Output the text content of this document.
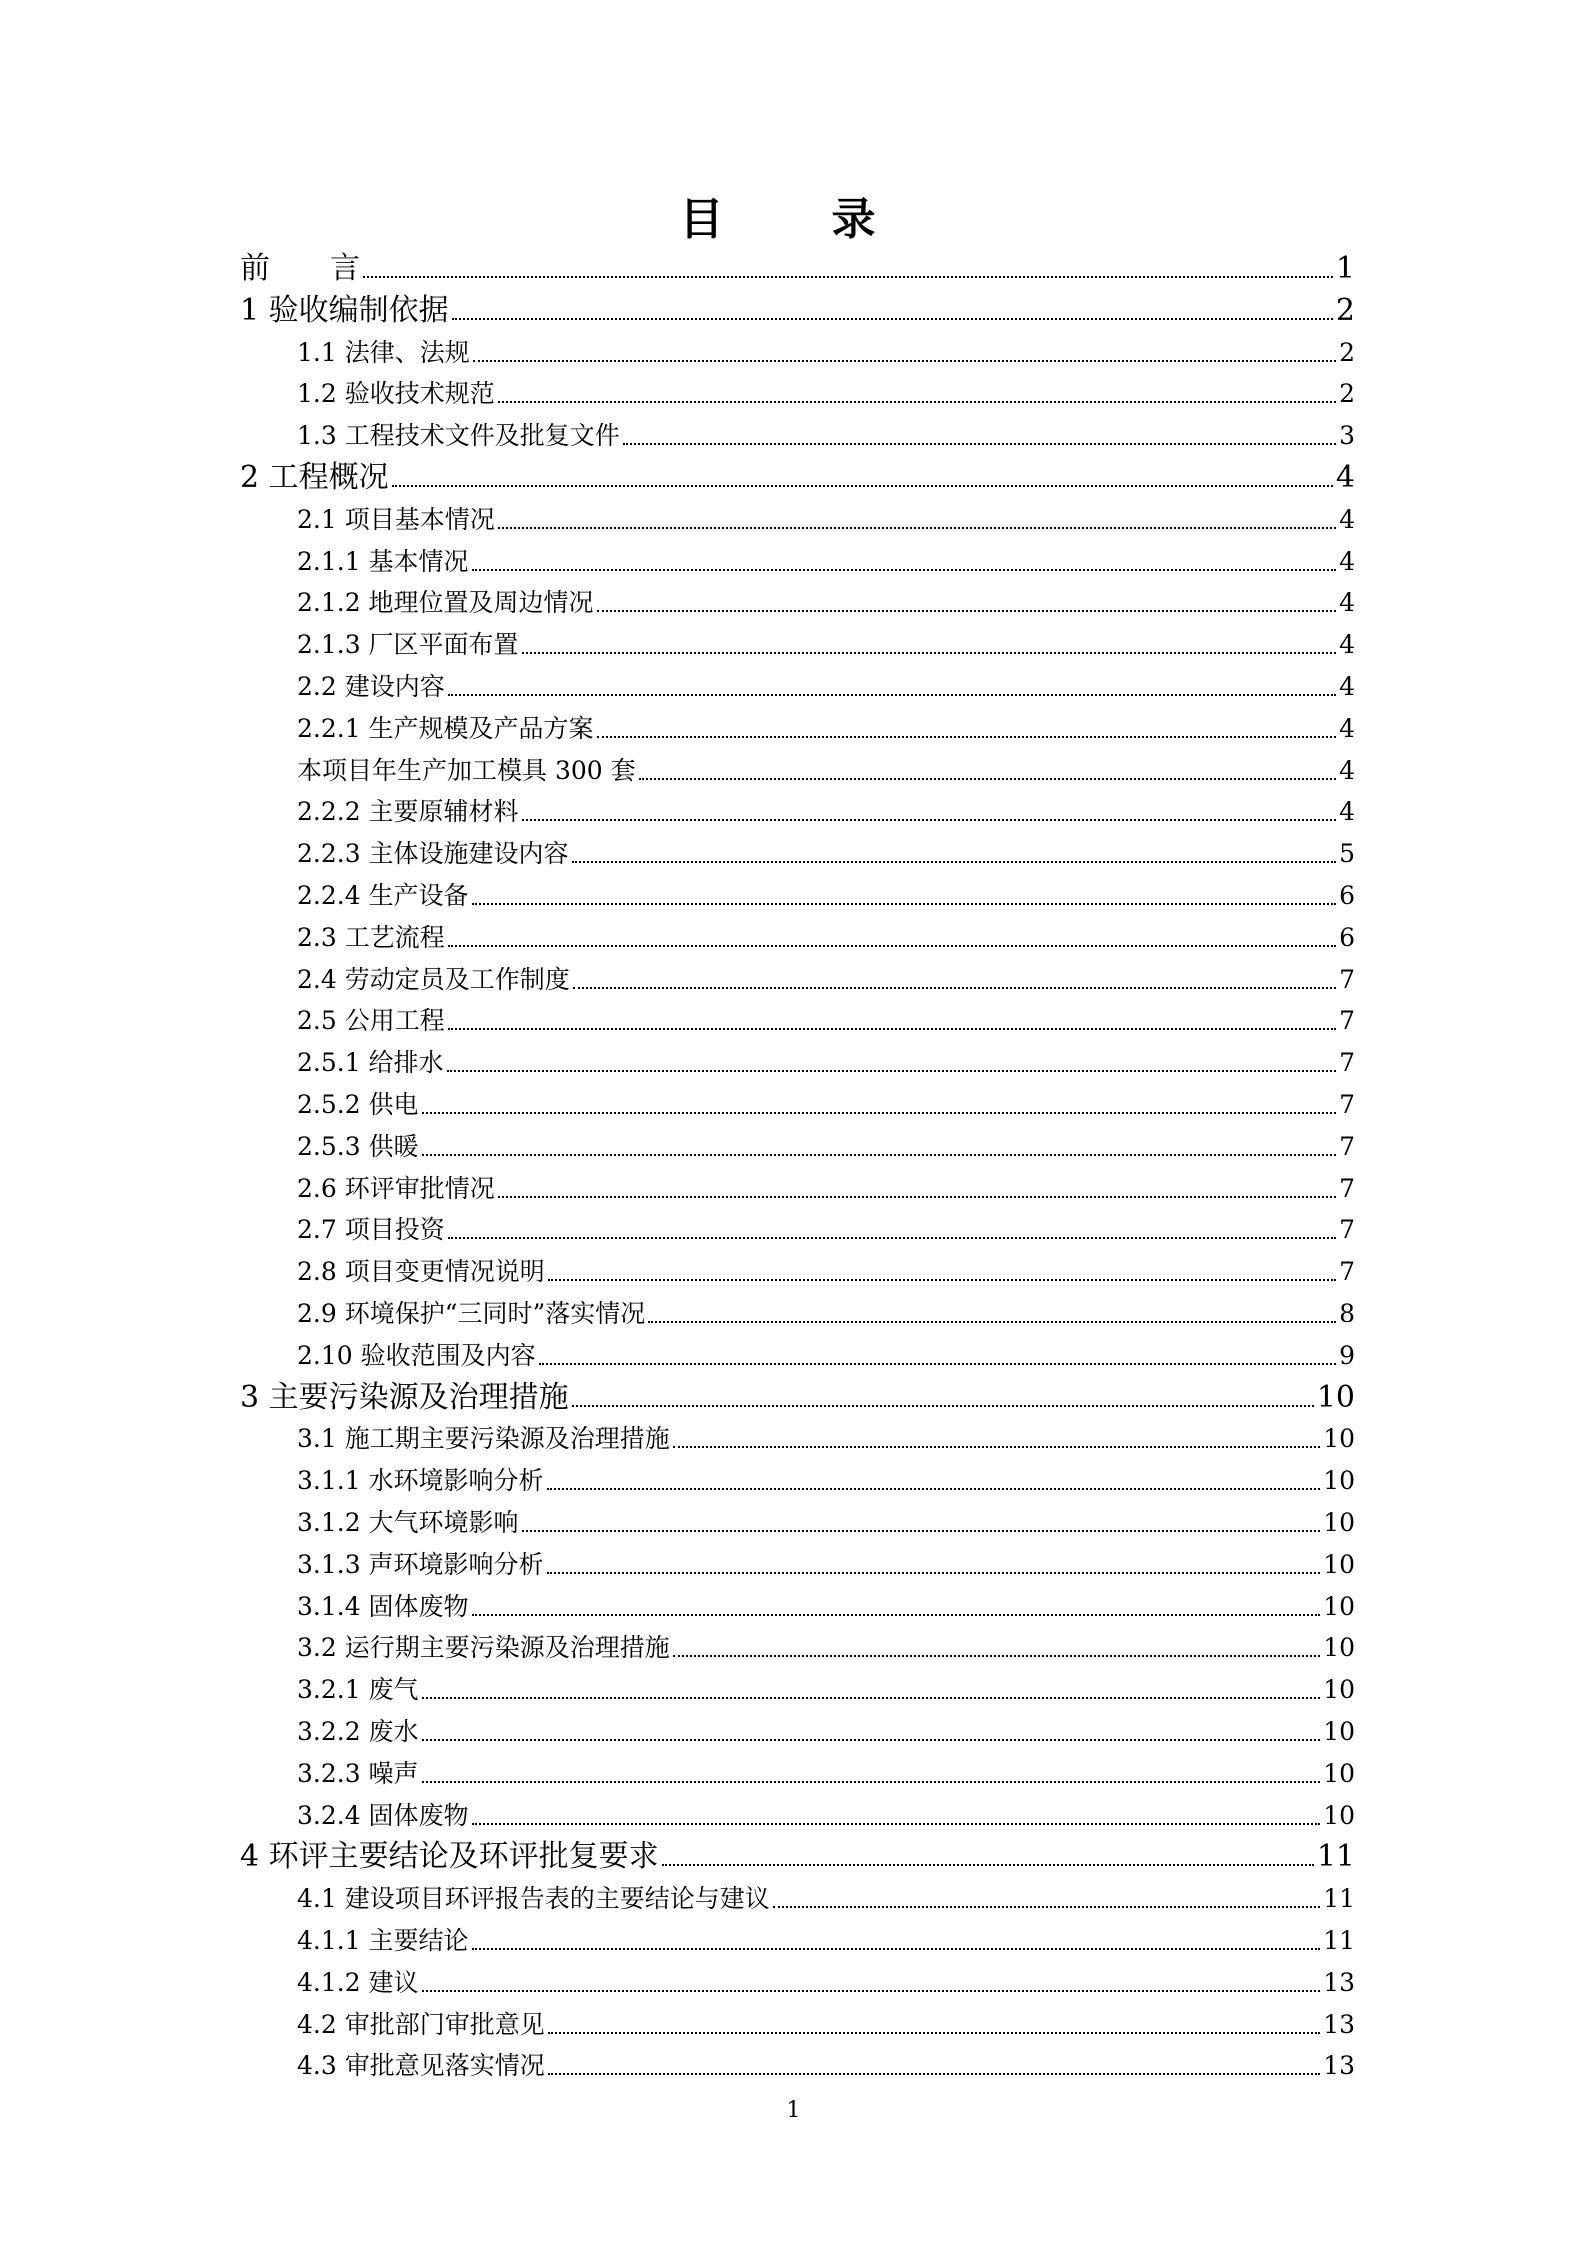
目　录
前　　言	1
1 验收编制依据	2
1.1 法律、法规	2
1.2 验收技术规范	2
1.3 工程技术文件及批复文件	3
2 工程概况	4
2.1 项目基本情况	4
2.1.1 基本情况	4
2.1.2 地理位置及周边情况	4
2.1.3 厂区平面布置	4
2.2 建设内容	4
2.2.1 生产规模及产品方案	4
本项目年生产加工模具 300 套	4
2.2.2 主要原辅材料	4
2.2.3 主体设施建设内容	5
2.2.4 生产设备	6
2.3 工艺流程	6
2.4 劳动定员及工作制度	7
2.5 公用工程	7
2.5.1 给排水	7
2.5.2 供电	7
2.5.3 供暖	7
2.6 环评审批情况	7
2.7 项目投资	7
2.8 项目变更情况说明	7
2.9 环境保护“三同时”落实情况	8
2.10 验收范围及内容	9
3 主要污染源及治理措施	10
3.1 施工期主要污染源及治理措施	10
3.1.1 水环境影响分析	10
3.1.2 大气环境影响	10
3.1.3 声环境影响分析	10
3.1.4 固体废物	10
3.2 运行期主要污染源及治理措施	10
3.2.1 废气	10
3.2.2 废水	10
3.2.3 噪声	10
3.2.4 固体废物	10
4 环评主要结论及环评批复要求	11
4.1 建设项目环评报告表的主要结论与建议	11
4.1.1 主要结论	11
4.1.2 建议	13
4.2 审批部门审批意见	13
4.3 审批意见落实情况	13
1
